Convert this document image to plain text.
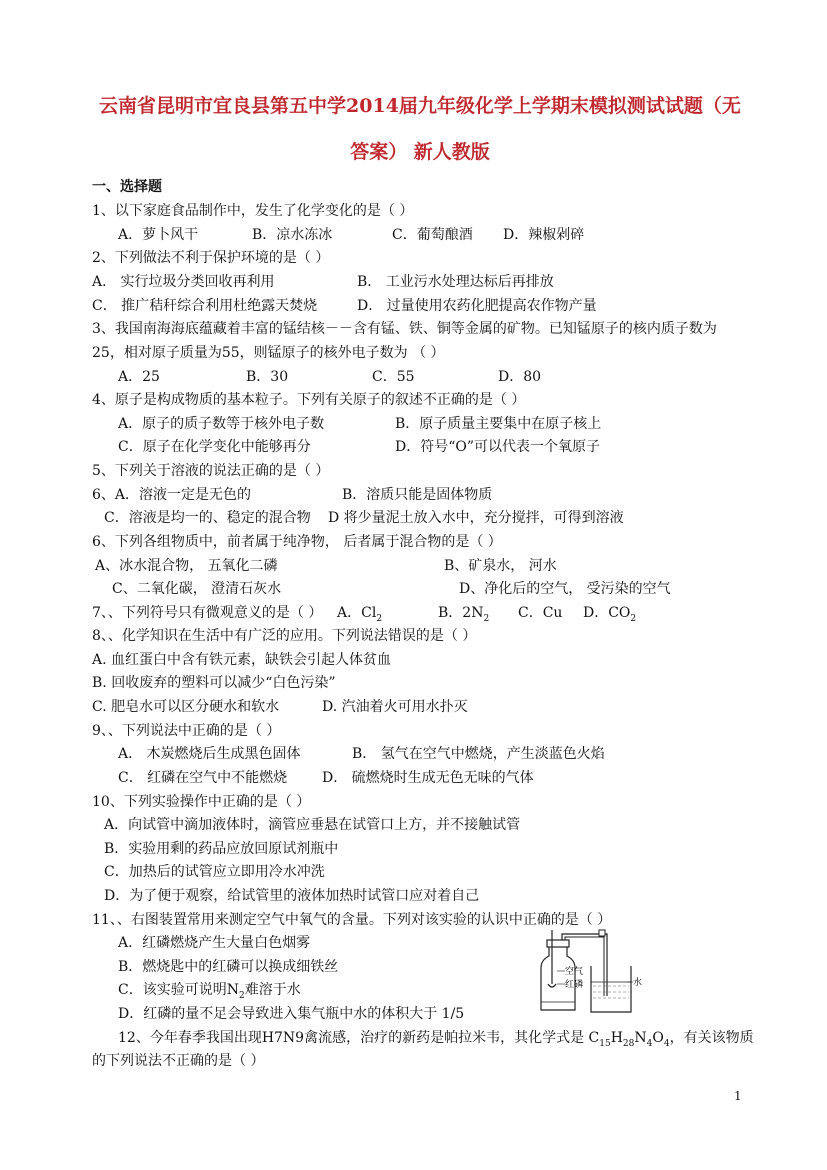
云南省昆明市宜良县第五中学2014届九年级化学上学期末模拟测试试题（无
答案） 新人教版
一、选择题
1、以下家庭食品制作中，发生了化学变化的是（ ）
A．萝卜风干	B．凉水冻冰	C．葡萄酿酒 D．辣椒剁碎
2、下列做法不利于保护环境的是（ ）
A． 实行垃圾分类回收再利用	B． 工业污水处理达标后再排放
C． 推广秸秆综合利用杜绝露天焚烧	D． 过量使用农药化肥提高农作物产量
3、我国南海海底蕴藏着丰富的锰结核－－含有锰、铁、铜等金属的矿物。已知锰原子的核内质子数为
25，相对原子质量为55，则锰原子的核外电子数为 （ ）
A．25	B．30	C．55	D．80
4、原子是构成物质的基本粒子。下列有关原子的叙述不正确的是（ ）
A．原子的质子数等于核外电子数	B．原子质量主要集中在原子核上
C．原子在化学变化中能够再分	D．符号“O”可以代表一个氧原子
5、下列关于溶液的说法正确的是（ ）
6、A．溶液一定是无色的	B．溶质只能是固体物质
C．溶液是均一的、稳定的混合物 D 将少量泥土放入水中，充分搅拌，可得到溶液
6、下列各组物质中，前者属于纯净物， 后者属于混合物的是（ ）
A、冰水混合物， 五氧化二磷	B、矿泉水， 河水
C、二氧化碳， 澄清石灰水	D、净化后的空气， 受污染的空气
7、、下列符号只有微观意义的是（ ） A．$Cl_2$	B．$2N_2$ C．Cu D．$CO_2$
8、、化学知识在生活中有广泛的应用。下列说法错误的是（ ）
A. 血红蛋白中含有铁元素，缺铁会引起人体贫血
B. 回收废弃的塑料可以减少“白色污染”
C. 肥皂水可以区分硬水和软水	D. 汽油着火可用水扑灭
9、、下列说法中正确的是（ ）
A． 木炭燃烧后生成黑色固体	B． 氢气在空气中燃烧，产生淡蓝色火焰
C． 红磷在空气中不能燃烧 D． 硫燃烧时生成无色无味的气体
10、下列实验操作中正确的是（ ）
A．向试管中滴加液体时，滴管应垂悬在试管口上方，并不接触试管
B．实验用剩的药品应放回原试剂瓶中
C．加热后的试管应立即用冷水冲洗
D．为了便于观察，给试管里的液体加热时试管口应对着自己
11、、右图装置常用来测定空气中氧气的含量。下列对该实验的认识中正确的是（ ）
A．红磷燃烧产生大量白色烟雾
B．燃烧匙中的红磷可以换成细铁丝
C．该实验可说明$N_2$难溶于水
D．红磷的量不足会导致进入集气瓶中水的体积大于 1/5
空气
红磷	水
12、今年春季我国出现H7N9禽流感，治疗的新药是帕拉米韦，其化学式是 $C_{15}H_{28}N_4O_4$，有关该物质
的下列说法不正确的是（ ）
1
